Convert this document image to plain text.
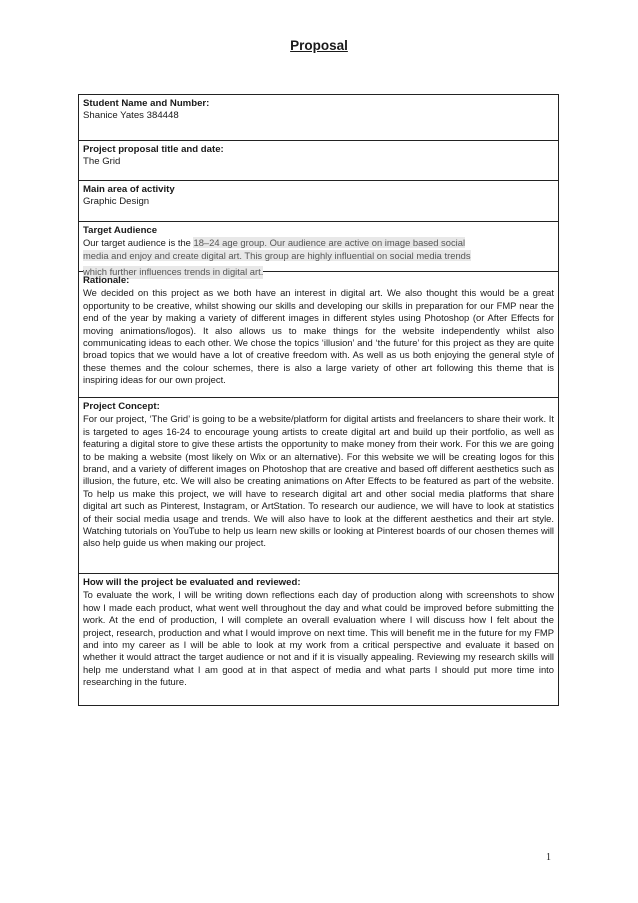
Proposal
Student Name and Number:
Shanice Yates 384448
Project proposal title and date:
The Grid
Main area of activity
Graphic Design
Target Audience
Our target audience is the 18–24 age group. Our audience are active on image based social
media and enjoy and create digital art. This group are highly influential on social media trends
which further influences trends in digital art.
Rationale:
We decided on this project as we both have an interest in digital art. We also thought this would be a great opportunity to be creative, whilst showing our skills and developing our skills in preparation for our FMP near the end of the year by making a variety of different images in different styles using Photoshop (or After Effects for moving animations/logos). It also allows us to make things for the website independently whilst also communicating ideas to each other. We chose the topics ‘illusion’ and ‘the future’ for this project as they are quite broad topics that we would have a lot of creative freedom with. As well as us both enjoying the general style of these themes and the colour schemes, there is also a large variety of other art following this theme that is inspiring ideas for our own project.
Project Concept:
For our project, ‘The Grid’ is going to be a website/platform for digital artists and freelancers to share their work. It is targeted to ages 16-24 to encourage young artists to create digital art and build up their portfolio, as well as featuring a digital store to give these artists the opportunity to make money from their work. For this we are going to be making a website (most likely on Wix or an alternative). For this website we will be creating logos for this brand, and a variety of different images on Photoshop that are creative and based off different aesthetics such as illusion, the future, etc. We will also be creating animations on After Effects to be featured as part of the website. To help us make this project, we will have to research digital art and other social media platforms that share digital art such as Pinterest, Instagram, or ArtStation. To research our audience, we will have to look at statistics of their social media usage and trends. We will also have to look at the different aesthetics and their art style. Watching tutorials on YouTube to help us learn new skills or looking at Pinterest boards of our chosen themes will also help guide us when making our project.
How will the project be evaluated and reviewed:
To evaluate the work, I will be writing down reflections each day of production along with screenshots to show how I made each product, what went well throughout the day and what could be improved before submitting the work. At the end of production, I will complete an overall evaluation where I will discuss how I felt about the project, research, production and what I would improve on next time. This will benefit me in the future for my FMP and into my career as I will be able to look at my work from a critical perspective and evaluate it based on whether it would attract the target audience or not and if it is visually appealing. Reviewing my research skills will help me understand what I am good at in that aspect of media and what parts I should put more time into researching in the future.
1
